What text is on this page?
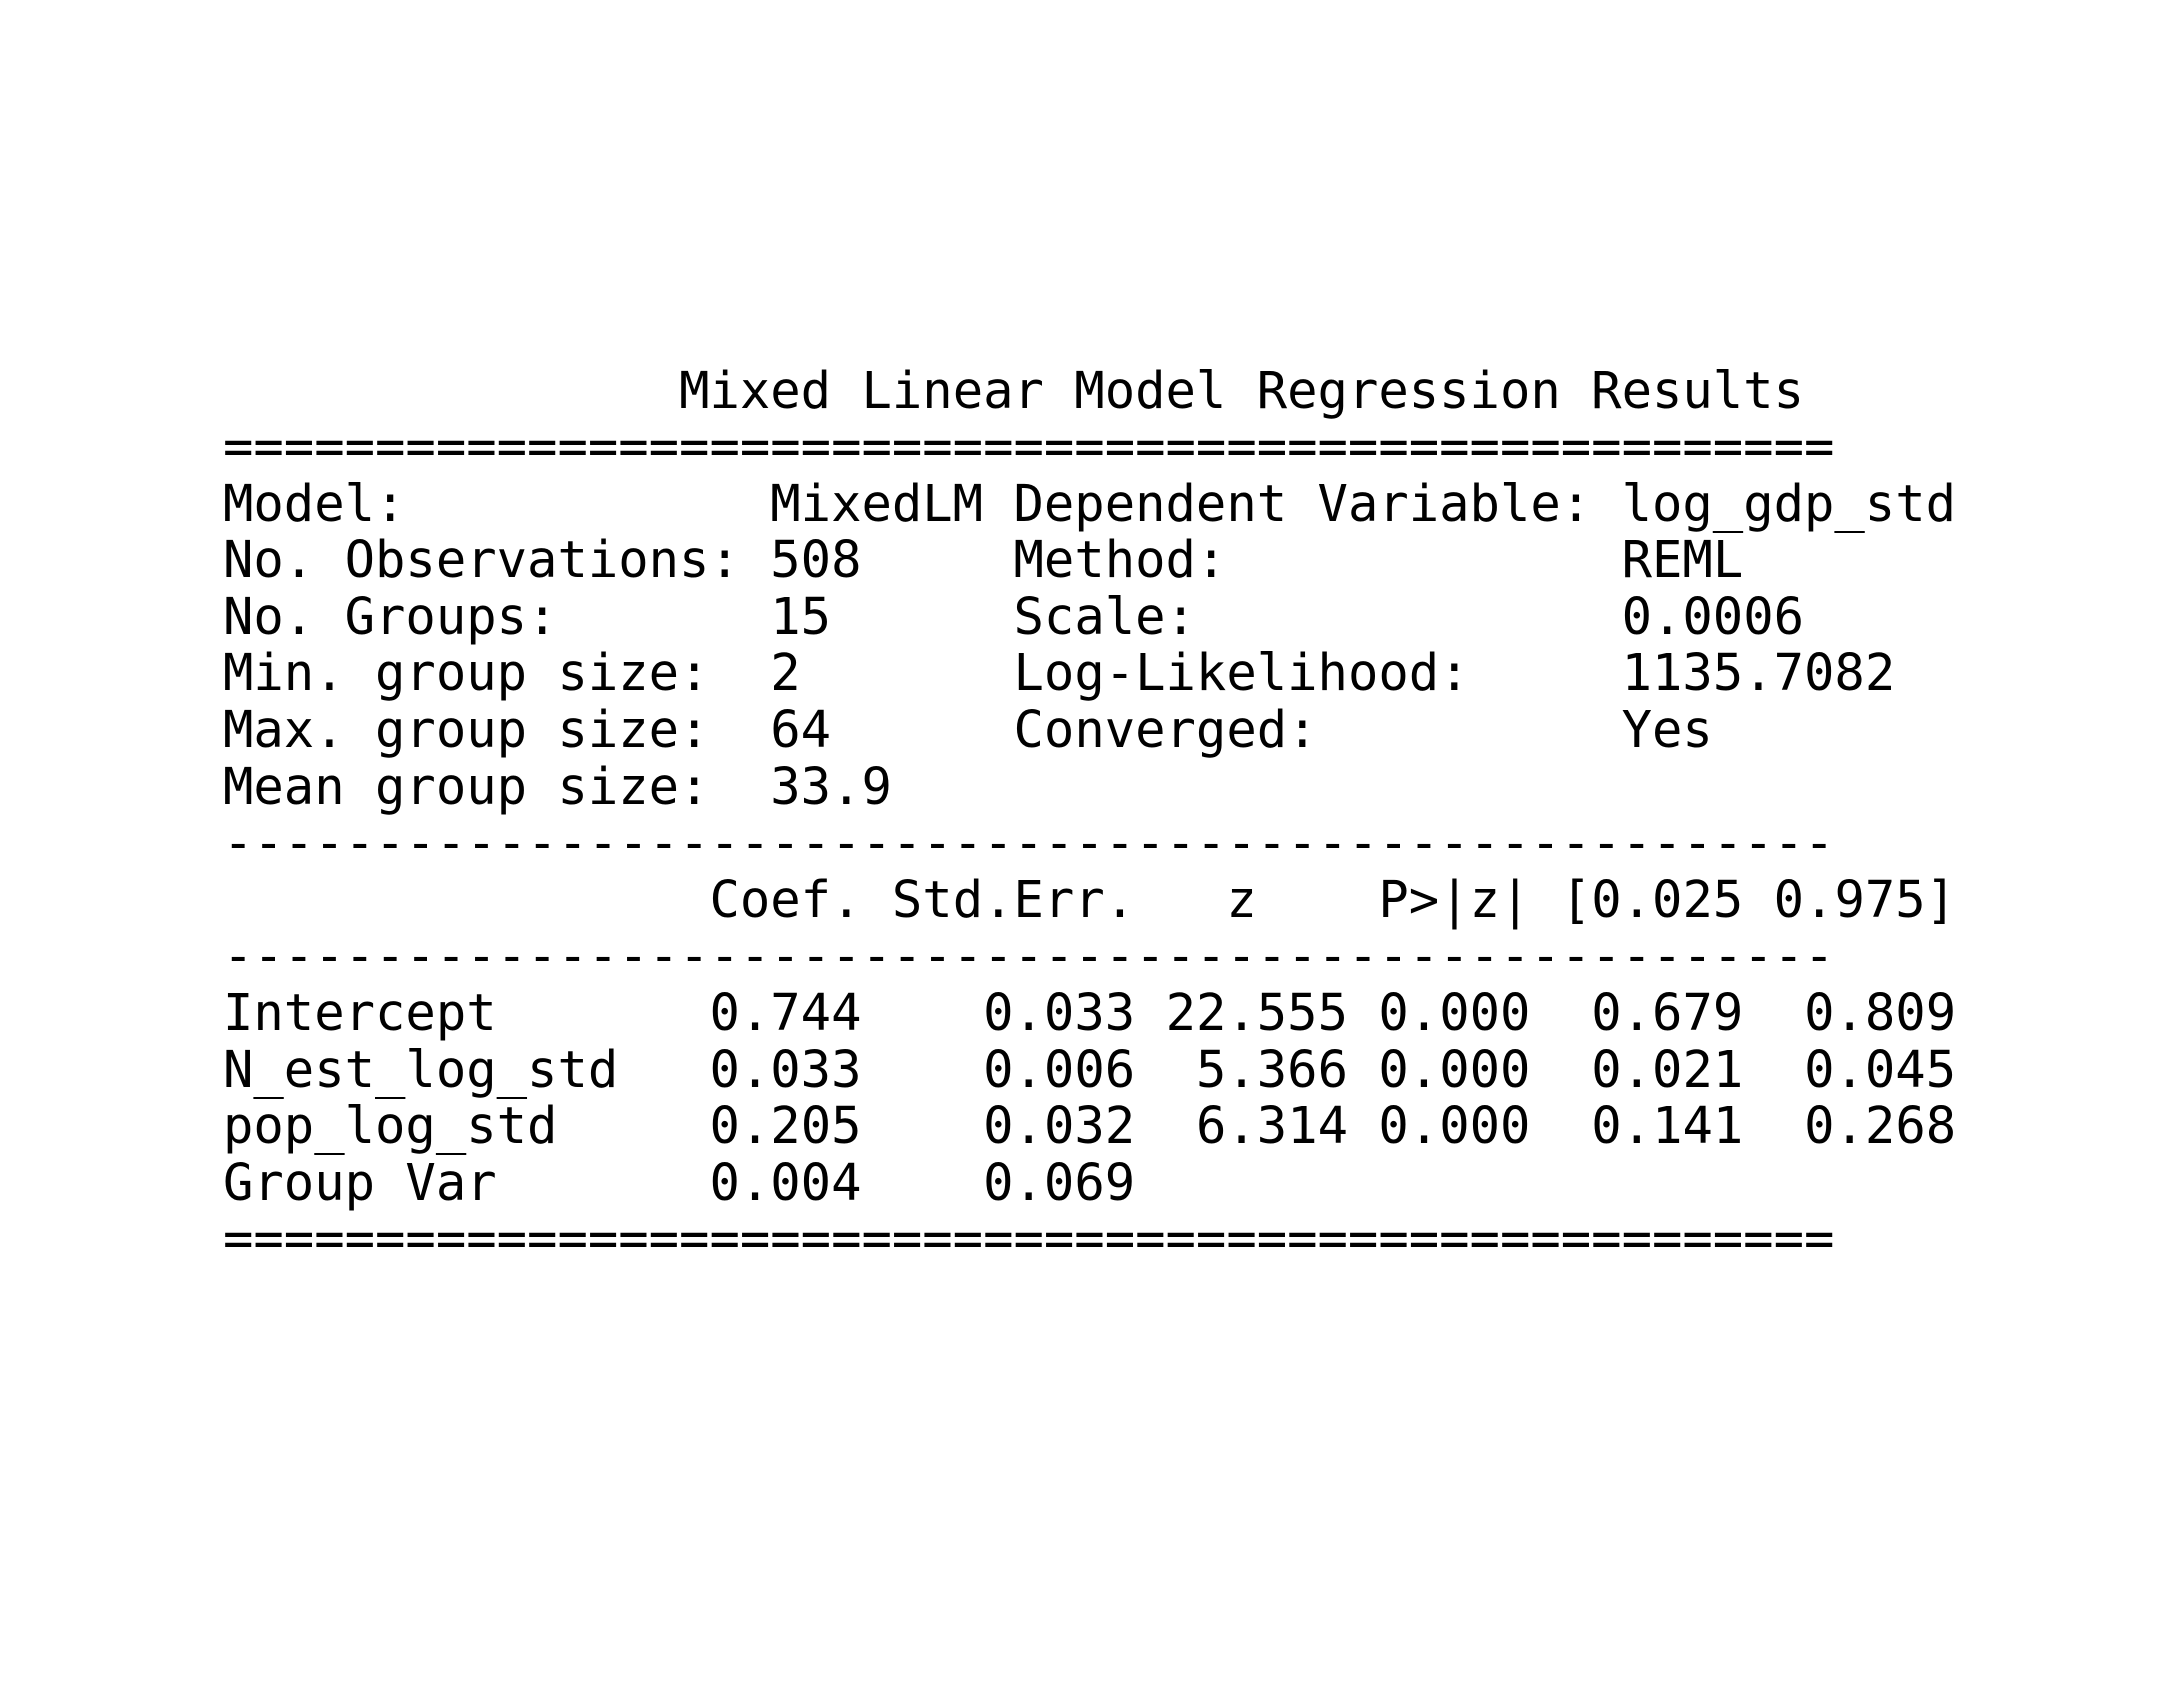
Mixed Linear Model Regression Results
=====================================================
Model:	MixedLM Dependent Variable: log_gdp_std
No. Observations: 508	Method:	REML
No. Groups:	15	Scale:	0.0006
Min. group size: 2	Log-Likelihood:	1135.7082
Max. group size: 64	Converged:	Yes
Mean group size: 33.9
-----------------------------------------------------
Coef. Std.Err. z P>|z| [0.025 0.975]
-----------------------------------------------------
Intercept	0.744 0.033 22.555 0.000 0.679 0.809
N_est_log_std 0.033 0.006 5.366 0.000 0.021 0.045
pop_log_std	0.205 0.032 6.314 0.000 0.141 0.268
Group Var	0.004 0.069
=====================================================
